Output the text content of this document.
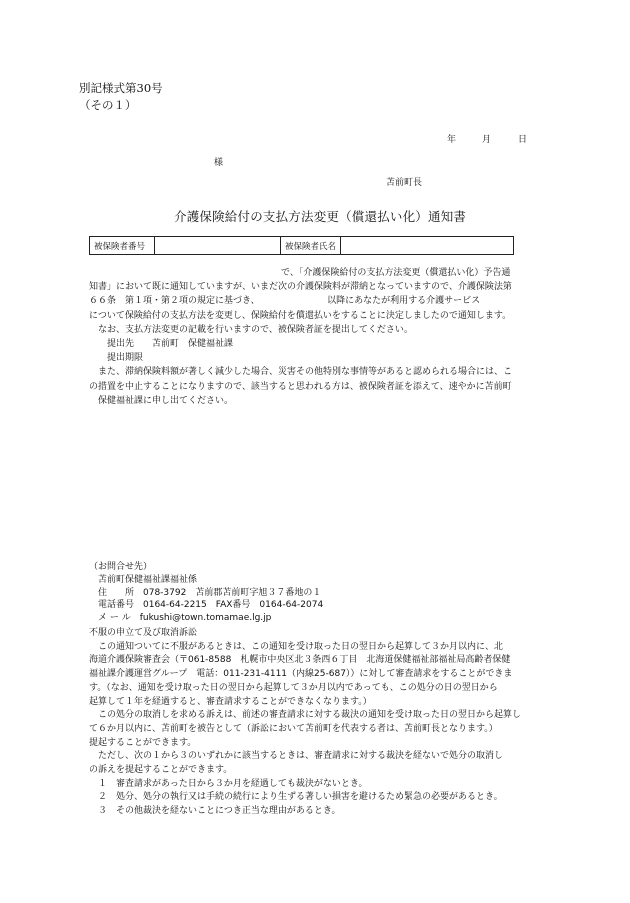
別記様式第30号
（その１）
年	月	日
様
苫前町長
介護保険給付の支払方法変更（償還払い化）通知書
被保険者番号		被保険者氏名	
で、「介護保険給付の支払方法変更（償還払い化）予告通
知書」において既に通知していますが、いまだ次の介護保険料が滞納となっていますので、介護保険法第
６６条　第１項・第２項の規定に基づき、　　　　　　　　以降にあなたが利用する介護サービス
について保険給付の支払方法を変更し、保険給付を償還払いをすることに決定しましたので通知します。
　なお、支払方法変更の記載を行いますので、被保険者証を提出してください。
　　提出先　　苫前町　保健福祉課
　　提出期限
　また、滞納保険料額が著しく減少した場合、災害その他特別な事情等があると認められる場合には、こ
の措置を中止することになりますので、該当すると思われる方は、被保険者証を添えて、速やかに苫前町
　保健福祉課に申し出てください。
（お問合せ先）
苫前町保健福祉課福祉係
住　　所　078-3792　苫前郡苫前町字旭３７番地の１
電話番号　0164-64-2215　FAX番号　0164-64-2074
メ ー ル　fukushi@town.tomamae.lg.jp
不服の申立て及び取消訴訟
　この通知ついてに不服があるときは、この通知を受け取った日の翌日から起算して３か月以内に、北
海道介護保険審査会（〒061-8588　札幌市中央区北３条西６丁目　北海道保健福祉部福祉局高齢者保健
福祉課介護運営グループ　電話：011-231-4111（内線25-687））に対して審査請求をすることができま
す。（なお、通知を受け取った日の翌日から起算して３か月以内であっても、この処分の日の翌日から
起算して１年を経過すると、審査請求することができなくなります。）
　この処分の取消しを求める訴えは、前述の審査請求に対する裁決の通知を受け取った日の翌日から起算し
て６か月以内に、苫前町を被告として（訴訟において苫前町を代表する者は、苫前町長となります。）
提起することができます。
　ただし、次の１から３のいずれかに該当するときは、審査請求に対する裁決を経ないで処分の取消し
の訴えを提起することができます。
　１　審査請求があった日から３か月を経過しても裁決がないとき。
　２　処分、処分の執行又は手続の続行により生ずる著しい損害を避けるため緊急の必要があるとき。
　３　その他裁決を経ないことにつき正当な理由があるとき。
